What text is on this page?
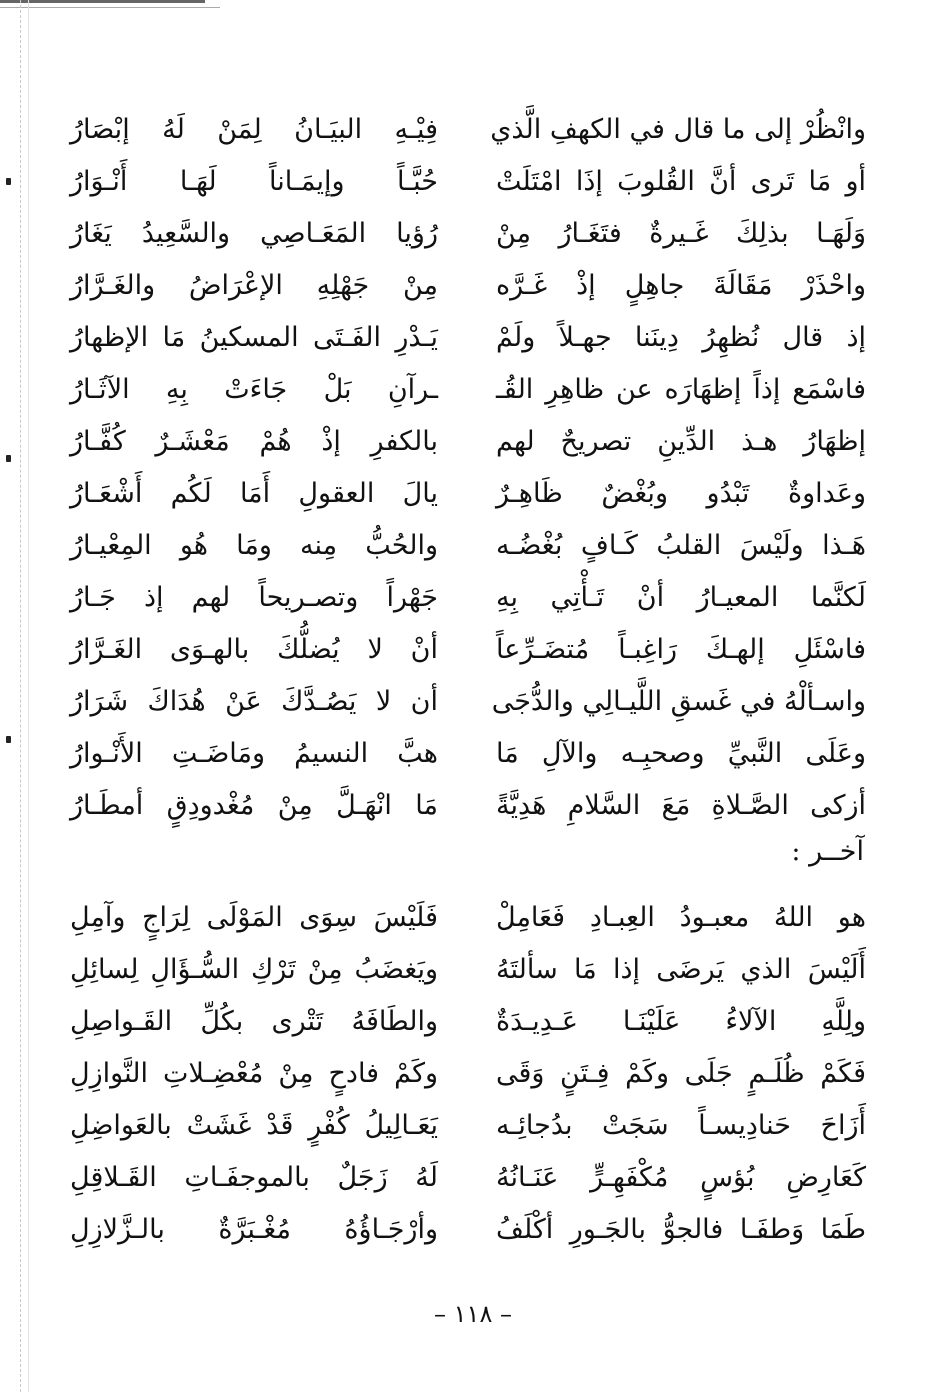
وانْظُرْ إلى ما قال في الكهفِ الَّذي
فِيْـهِ البيَـانُ لِمَنْ لَهُ إبْصَارُ
أو مَا تَرى أنَّ القُلوبَ إذَا امْتَلَتْ
حُبَّـاً وإيمَـاناً لَهَـا أَنْـوَارُ
وَلَهَـا بذلِكَ غَـيرةٌ فتَغَـارُ مِنْ
رُؤيا المَعَـاصِي والسَّعِيدُ يَغَارُ
واحْذَرْ مَقَالَةَ جاهِلٍ إذْ غَـرَّه
مِنْ جَهْلِهِ الإعْرَاضُ والغَـرَّارُ
إذ قال نُظهِرُ دِينَنا جهـلاً ولَمْ
يَـدْرِ الفَـتَى المسكينُ مَا الإظهارُ
فاسْمَع إذاً إظهَارَه عن ظاهِرِ القُـ
ـرآنِ بَلْ جَاءَتْ بِهِ الآثَـارُ
إظهَارُ هـذ الدِّينِ تصريحٌ لهم
بالكفرِ إذْ هُمْ مَعْشَـرٌ كُفَّـارُ
وعَداوةٌ تَبْدُو وبُغْضٌ ظَاهِـرٌ
يالَ العقولِ أَمَا لَكُم أَشْعَـارُ
هَـذا ولَيْسَ القلبُ كَـافٍ بُغْضُـه
والحُبُّ مِنه ومَا هُو المِعْيـارُ
لَكنَّما المعيـارُ أنْ تَـأْتِي بِهِ
جَهْراً وتصـريحاً لهم إذ جَـارُ
فاسْئَلِ إلهـكَ رَاغِبـاً مُتضَـرِّعاً
أنْ لا يُضلُّكَ بالهـوَى الغَـرَّارُ
واسـألْهُ في غَسقِ اللَّيـالِي والدُّجَى
أن لا يَصُـدَّكَ عَنْ هُدَاكَ شَرَارُ
وعَلَى النَّبيِّ وصحبِـه والآلِ مَا
هبَّ النسيمُ ومَاضَـتِ الأَنْـوارُ
أزكى الصَّـلاةِ مَعَ السَّلامِ هَدِيَّةً
مَا انْهَـلَّ مِنْ مُغْدودِقٍ أمطَـارُ
آخــر :
هو اللهُ معبـودُ العِبـادِ فَعَامِلْ
فَلَيْسَ سِوَى المَوْلَى لِرَاجٍ وآمِلِ
أَلَيْسَ الذي يَرضَى إذا مَا سألتَهُ
ويَغضَبُ مِنْ تَرْكِ السُّـؤَالِ لِسائِلِ
ولِلَّهِ الآلاءُ عَلَيْنَـا عَـدِيـدَةٌ
والطَافَهُ تَتْرى بكُلِّ القَـواصِلِ
فَكَمْ ظُلَـمٍ جَلَى وكَمْ فِـتَنٍ وَقَى
وكَمْ فادحٍ مِنْ مُعْضِـلاتِ النَّوازِلِ
أَزَاحَ حَنادِيسـاً سَجَتْ بدُجائِـه
يَعَـالِيلُ كُفْرٍ قَدْ غَشَتْ بالعَواضِلِ
كَعَارِضِ بُؤسٍ مُكْفَهِـرٍّ عَنَـانُهُ
لَهُ زَجَلٌ بالموجفَـاتِ القَـلاقِلِ
طَمَا وَطفَـا فالجوُّ بالجَـورِ أكْلَفُ
وأرْجَـاؤُهُ مُغْـبَرَّةٌ بالـزَّلازِلِ
– ١١٨ –
